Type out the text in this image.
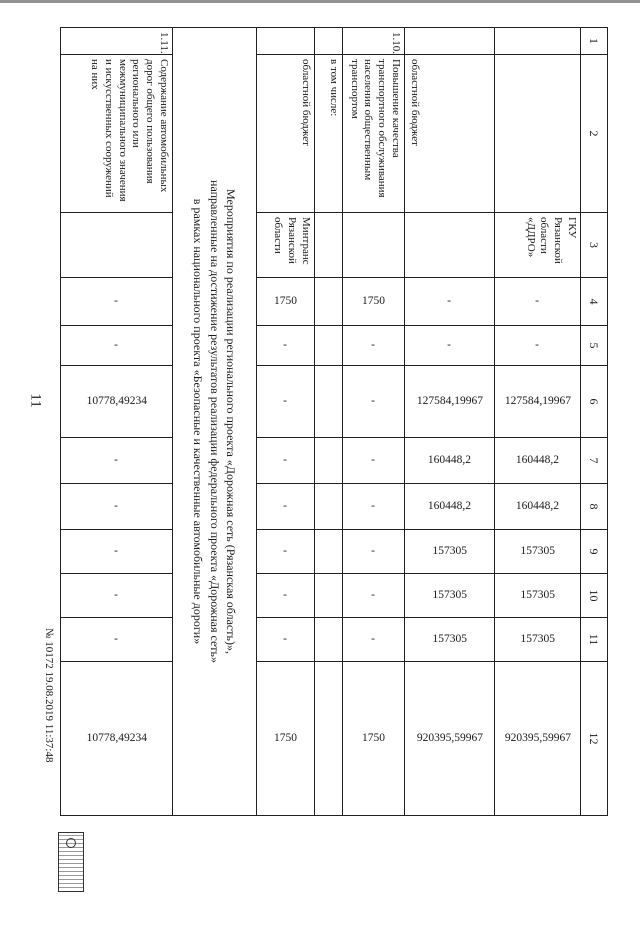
11
1	2	3	4	5	6	7	8	9	10	11	12
		ГКУ Рязанской области «ДДРО»	-	-	127584,19967	160448,2	160448,2	157305	157305	157305	920395,59967

	областной бюджет		-	-	127584,19967	160448,2	160448,2	157305	157305	157305	920395,59967

1.10.	Повышение качества транспортного обслуживания населения общественным транспортом		1750	-	-	-	-	-	-	-	1750

	в том числе:										
	областной бюджет	Минтранс Рязанской области	1750	-	-	-	-	-	-	-	1750

Мероприятия по реализации регионального проекта «Дорожная сеть (Рязанская область)»,
направленные на достижение результатов реализации федерального проекта «Дорожная сеть»
в рамках национального проекта «Безопасные и качественные автомобильные дороги»											

1.11.	Содержание автомобильных дорог общего пользования регионального или межмуниципального значения и искусственных сооружений на них		-	-	10778,49234	-	-	-	-	-	10778,49234
№ 10172 19.08.2019 11:37:48
